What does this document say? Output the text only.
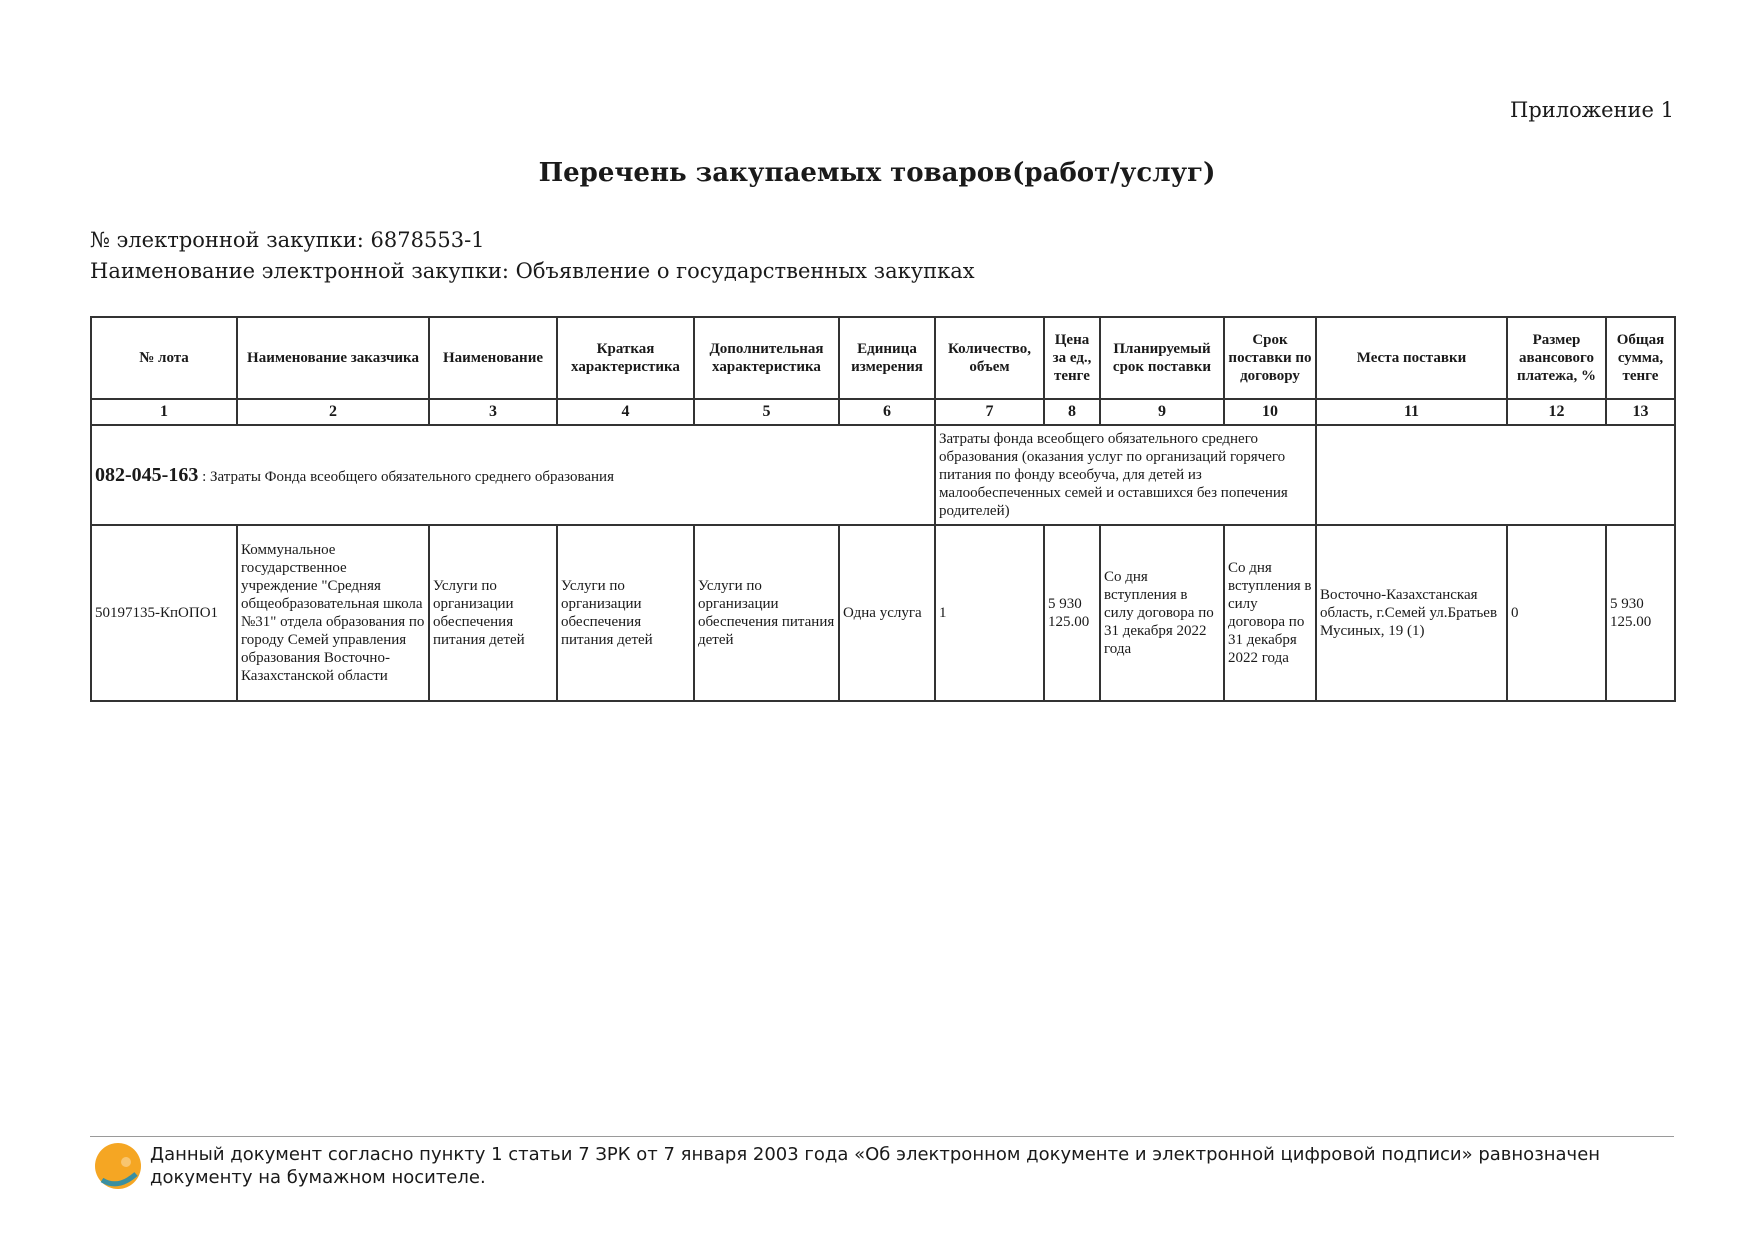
Приложение 1
Перечень закупаемых товаров(работ/услуг)
№ электронной закупки: 6878553-1
Наименование электронной закупки: Объявление о государственных закупках
№ лота	Наименование заказчика	Наименование	Краткая характеристика	Дополнительная характеристика	Единица измерения	Количество, объем	Цена за ед., тенге	Планируемый срок поставки	Срок поставки по договору	Места поставки	Размер авансового платежа, %	Общая сумма, тенге
1	2	3	4	5	6	7	8	9	10	11	12	13
082-045-163 : Затраты Фонда всеобщего обязательного среднего образования						Затраты фонда всеобщего обязательного среднего образования (оказания услуг по организаций горячего питания по фонду всеобуча, для детей из малообеспеченных семей и оставшихся без попечения родителей)						
50197135-КпОПО1	Коммунальное государственное учреждение "Средняя общеобразовательная школа №31" отдела образования по городу Семей управления образования Восточно-Казахстанской области	Услуги по организации обеспечения питания детей	Услуги по организации обеспечения питания детей	Услуги по организации обеспечения питания детей	Одна услуга	1	5 930 125.00	Со дня вступления в силу договора по 31 декабря 2022 года	Со дня вступления в силу договора по 31 декабря 2022 года	Восточно-Казахстанская область, г.Семей ул.Братьев Мусиных, 19 (1)	0	5 930 125.00
Данный документ согласно пункту 1 статьи 7 ЗРК от 7 января 2003 года «Об электронном документе и электронной цифровой подписи» равнозначен документу на бумажном носителе.
